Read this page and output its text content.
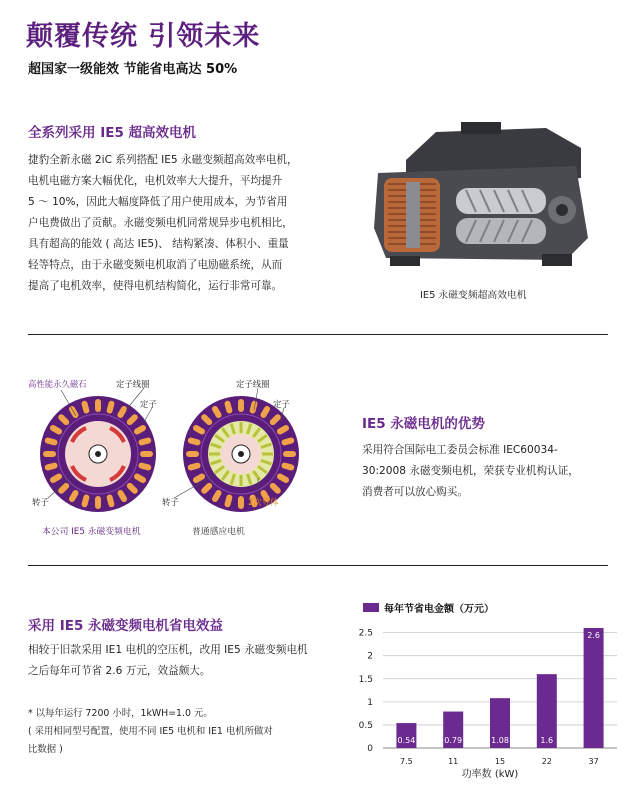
颠覆传统 引领未来
超国家一级能效 节能省电高达 50%
全系列采用 IE5 超高效电机
捷豹全新永磁 2iC 系列搭配 IE5 永磁变频超高效率电机，
电机电磁方案大幅优化，电机效率大大提升，平均提升
5 ～ 10%，因此大幅度降低了用户使用成本，为节省用
户电费做出了贡献。永磁变频电机同常规异步电机相比，
具有超高的能效 ( 高达 IE5)、 结构紧凑、体积小、重量
轻等特点，由于永磁变频电机取消了电励磁系统，从而
提高了电机效率，使得电机结构简化，运行非常可靠。
IE5 永磁变频超高效电机
高性能永久磁石	定子线圈
定子
转子
定子线圈
定子
转子	2次导体
本公司 IE5 永磁变频电机	普通感应电机
IE5 永磁电机的优势
采用符合国际电工委员会标准 IEC60034-
30:2008 永磁变频电机，荣获专业机构认证，
消费者可以放心购买。
采用 IE5 永磁变频电机省电效益
相较于旧款采用 IE1 电机的空压机，改用 IE5 永磁变频电机
之后每年可节省 2.6 万元，效益颇大。
* 以每年运行 7200 小时，1kWH=1.0 元。
( 采用相同型号配置，使用不同 IE5 电机和 IE1 电机所做对
比数据 )
每年节省电金额（万元）
0
0.5
1
1.5
2
2.5
0.54	0.79	1.08	1.6
2.6
7.5	11	15	22	37
功率数 (kW)
